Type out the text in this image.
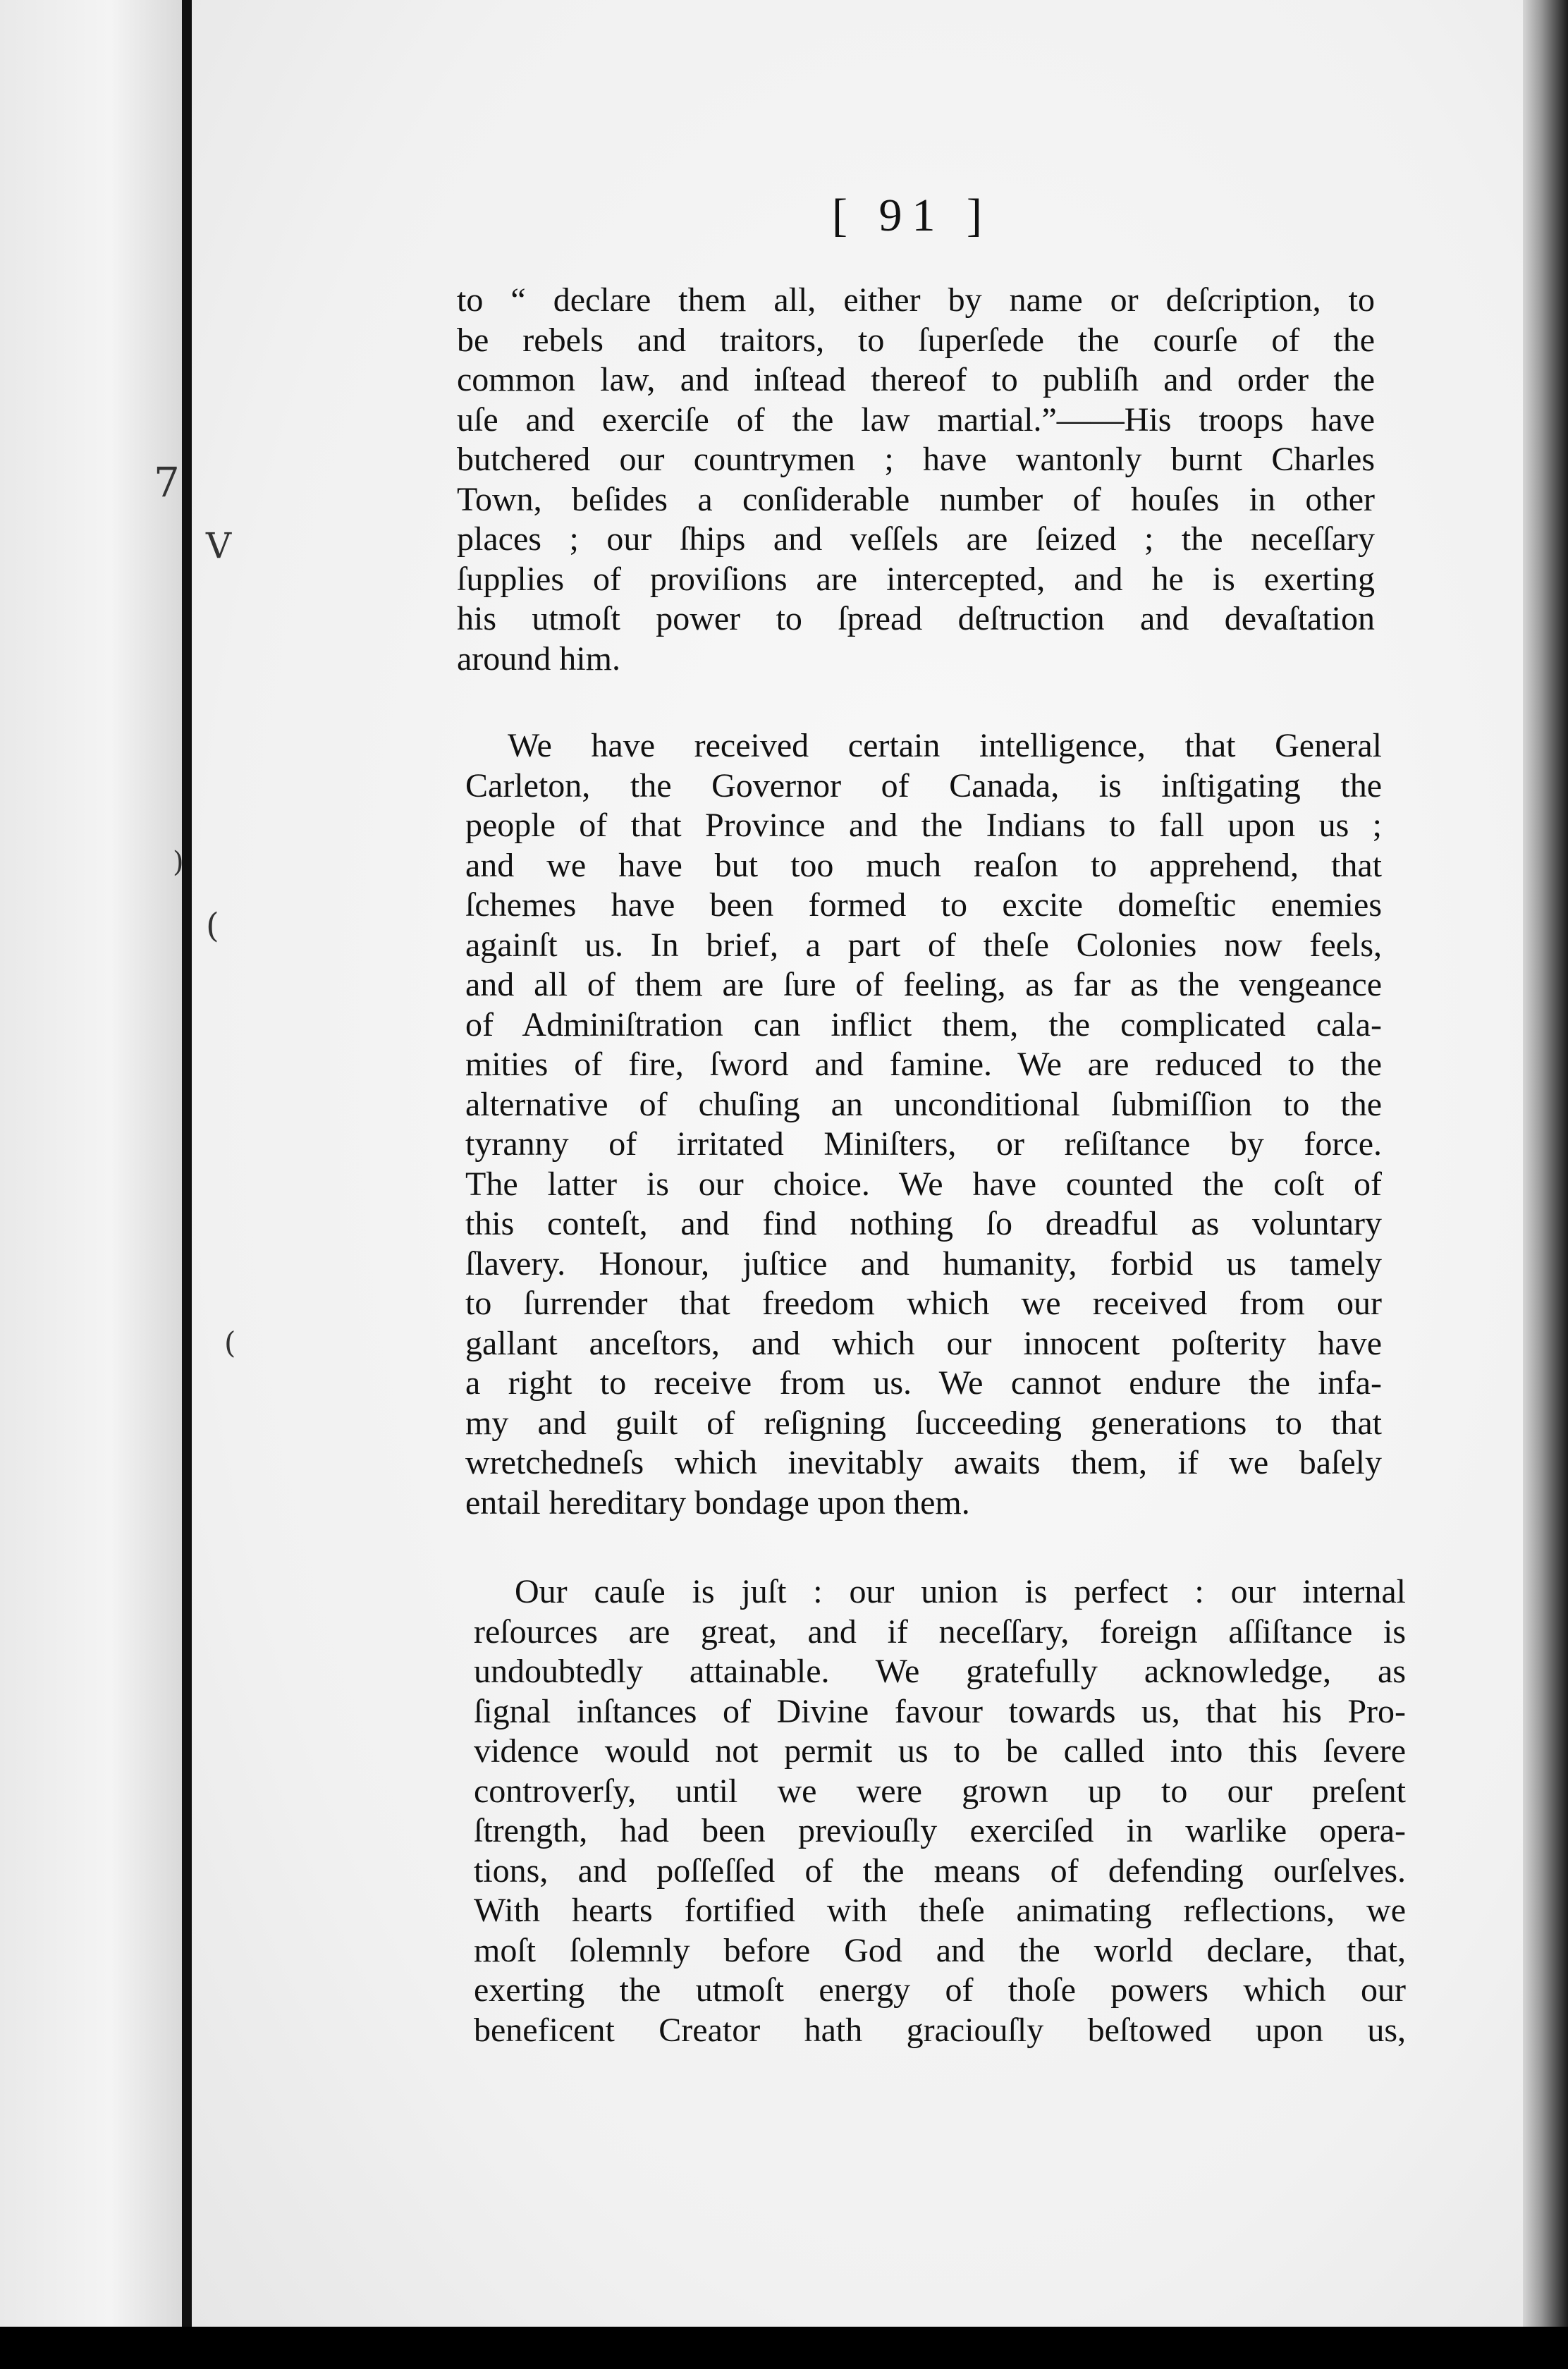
7
V
)
(
(
[ 91 ]
to “ declare them all, either by name or deſcription, to
be rebels and traitors, to ſuperſede the courſe of the
common law, and inſtead thereof to publiſh and order the
uſe and exerciſe of the law martial.”——His troops have
butchered our countrymen ; have wantonly burnt Charles
Town, beſides a conſiderable number of houſes in other
places ; our ſhips and veſſels are ſeized ; the neceſſary
ſupplies of proviſions are intercepted, and he is exerting
his utmoſt power to ſpread deſtruction and devaſtation
around him.
We have received certain intelligence, that General
Carleton, the Governor of Canada, is inſtigating the
people of that Province and the Indians to fall upon us ;
and we have but too much reaſon to apprehend, that
ſchemes have been formed to excite domeſtic enemies
againſt us. In brief, a part of theſe Colonies now feels,
and all of them are ſure of feeling, as far as the vengeance
of Adminiſtration can inflict them, the complicated cala-
mities of fire, ſword and famine. We are reduced to the
alternative of chuſing an unconditional ſubmiſſion to the
tyranny of irritated Miniſters, or reſiſtance by force.
The latter is our choice. We have counted the coſt of
this conteſt, and find nothing ſo dreadful as voluntary
ſlavery. Honour, juſtice and humanity, forbid us tamely
to ſurrender that freedom which we received from our
gallant anceſtors, and which our innocent poſterity have
a right to receive from us. We cannot endure the infa-
my and guilt of reſigning ſucceeding generations to that
wretchedneſs which inevitably awaits them, if we baſely
entail hereditary bondage upon them.
Our cauſe is juſt : our union is perfect : our internal
reſources are great, and if neceſſary, foreign aſſiſtance is
undoubtedly attainable. We gratefully acknowledge, as
ſignal inſtances of Divine favour towards us, that his Pro-
vidence would not permit us to be called into this ſevere
controverſy, until we were grown up to our preſent
ſtrength, had been previouſly exerciſed in warlike opera-
tions, and poſſeſſed of the means of defending ourſelves.
With hearts fortified with theſe animating reflections, we
moſt ſolemnly before God and the world declare, that,
exerting the utmoſt energy of thoſe powers which our
beneficent Creator hath graciouſly beſtowed upon us,
